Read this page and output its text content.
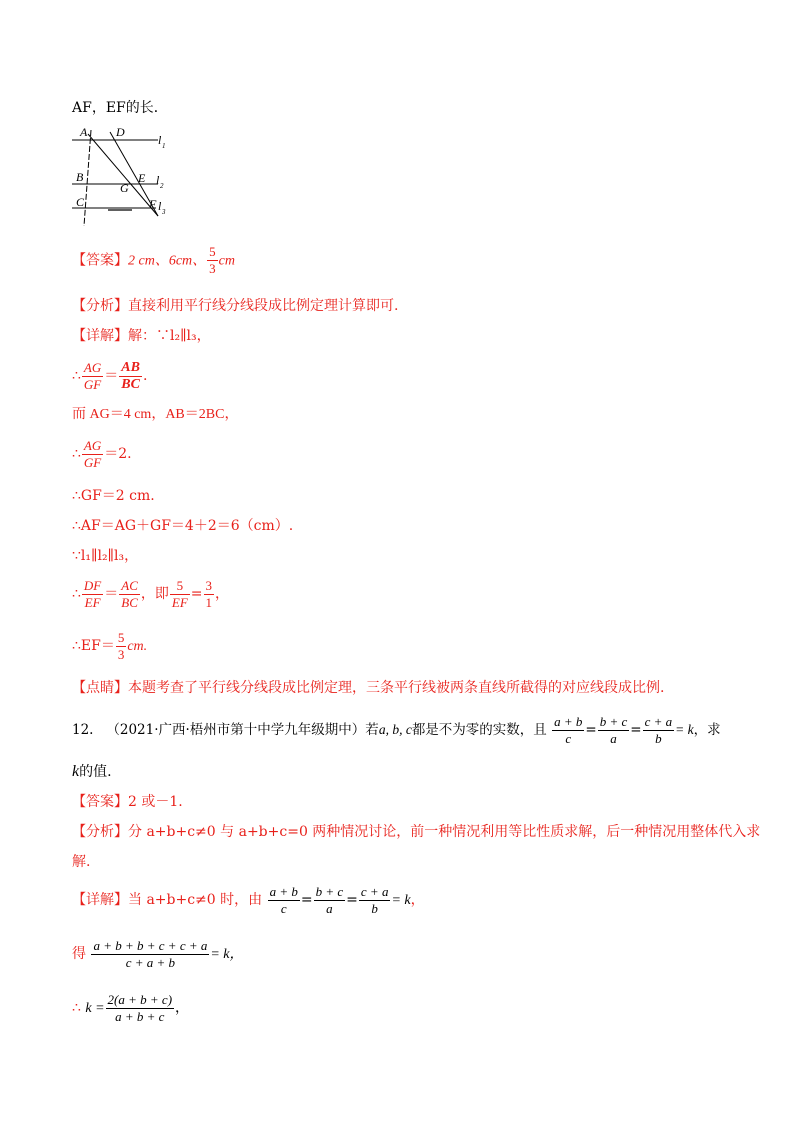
AF，EF的长．
A D
l 1
B
G
E l 2
C	F l 3
【答案】2 cm、6cm、 $\frac{5}{3}$ cm
【分析】直接利用平行线分线段成比例定理计算即可.
【详解】解：∵l₂∥l₃，
∴ $\frac{AG}{GF} = \frac{AB}{BC}$ .
而 AG＝4 cm，AB＝2BC，
∴ $\frac{AG}{GF} =2$.
∴GF＝2 cm.
∴AF＝AG＋GF＝4＋2＝6（cm）.
∵l₁∥l₂∥l₃，
∴ $\frac{DF}{EF} = \frac{AC}{BC}$ ，即 $\frac{5}{EF} = \frac{3}{1}$ ，
∴EF＝ $\frac{5}{3}$ cm.
【点睛】本题考查了平行线分线段成比例定理，三条平行线被两条直线所截得的对应线段成比例.
12. （2021·广西·梧州市第十中学九年级期中）若a, b, c都是不为零的实数，且 $\frac{a + b}{c} = \frac{b + c}{a} = \frac{c + a}{b} = k$，求
k的值.
【答案】2 或－1.
【分析】分 a+b+c≠0 与 a+b+c=0 两种情况讨论，前一种情况利用等比性质求解，后一种情况用整体代入求
解.
【详解】当 a+b+c≠0 时，由 $\frac{a + b}{c} = \frac{b + c}{a} = \frac{c + a}{b} = k$，
得 $\frac{a + b + b + c + c + a}{c + a + b} = k$，
∴ $k = \frac{2(a + b + c)}{a + b + c}$ ，
